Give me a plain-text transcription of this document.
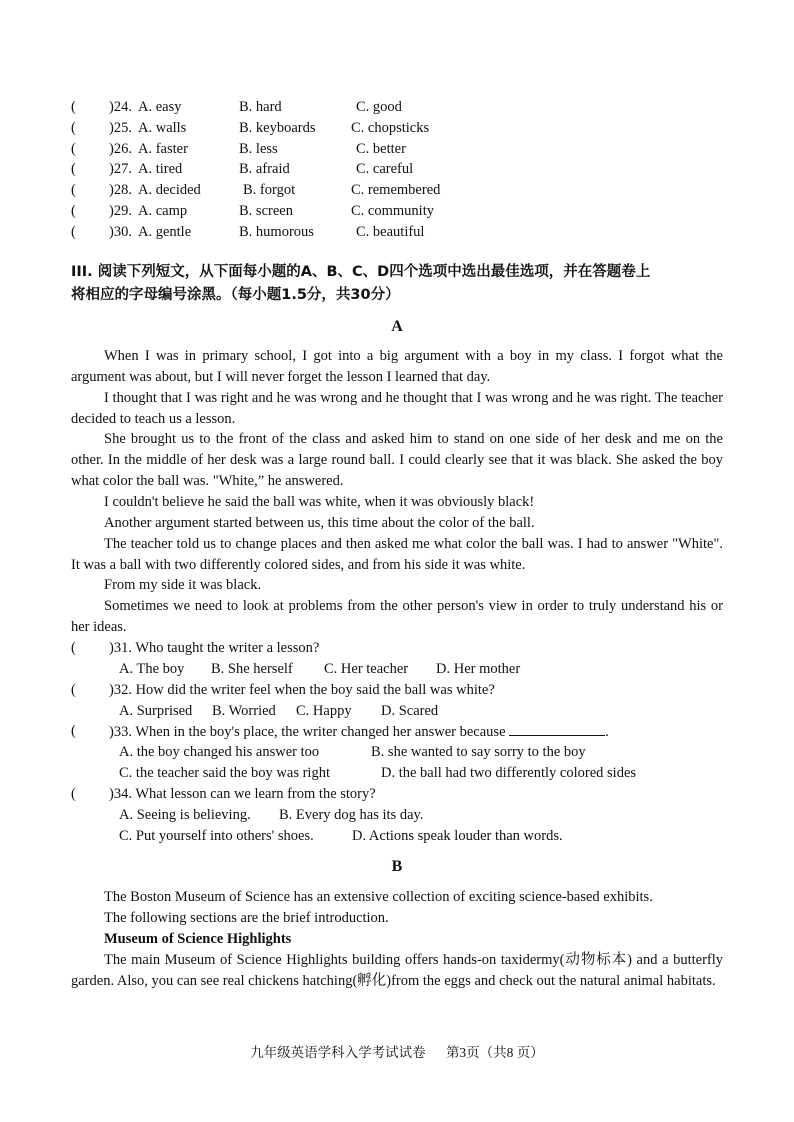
( )24. A. easy	B. hard	C. good
( )25. A. walls	B. keyboards C. chopsticks
( )26. A. faster	B. less	C. better
( )27. A. tired	B. afraid	C. careful
( )28. A. decided	B. forgot	C. remembered
( )29. A. camp	B. screen	C. community
( )30. A. gentle	B. humorous	C. beautiful
III. 阅读下列短文，从下面每小题的A、B、C、D四个选项中选出最佳选项，并在答题卷上
将相应的字母编号涂黑。（每小题1.5分，共30分）
A
When I was in primary school, I got into a big argument with a boy in my class. I forgot what the argument was about, but I will never forget the lesson I learned that day.
I thought that I was right and he was wrong and he thought that I was wrong and he was right. The teacher decided to teach us a lesson.
She brought us to the front of the class and asked him to stand on one side of her desk and me on the other. In the middle of her desk was a large round ball. I could clearly see that it was black. She asked the boy what color the ball was. "White,” he answered.
I couldn't believe he said the ball was white, when it was obviously black!
Another argument started between us, this time about the color of the ball.
The teacher told us to change places and then asked me what color the ball was. I had to answer "White". It was a ball with two differently colored sides, and from his side it was white.
From my side it was black.
Sometimes we need to look at problems from the other person's view in order to truly understand his or her ideas.
( )31. Who taught the writer a lesson?
A. The boy B. She herself C. Her teacher D. Her mother
( )32. How did the writer feel when the boy said the ball was white?
A. Surprised B. Worried C. Happy D. Scared
( )33. When in the boy's place, the writer changed her answer because	.
A. the boy changed his answer too	B. she wanted to say sorry to the boy
C. the teacher said the boy was right	D. the ball had two differently colored sides
( )34. What lesson can we learn from the story?
A. Seeing is believing. B. Every dog has its day.
C. Put yourself into others' shoes.	D. Actions speak louder than words.
B
The Boston Museum of Science has an extensive collection of exciting science-based exhibits.
The following sections are the brief introduction.
Museum of Science Highlights
The main Museum of Science Highlights building offers hands-on taxidermy(动物标本) and a butterfly garden. Also, you can see real chickens hatching(孵化)from the eggs and check out the natural animal habitats.
九年级英语学科入学考试试卷 第3页（共8 页）
